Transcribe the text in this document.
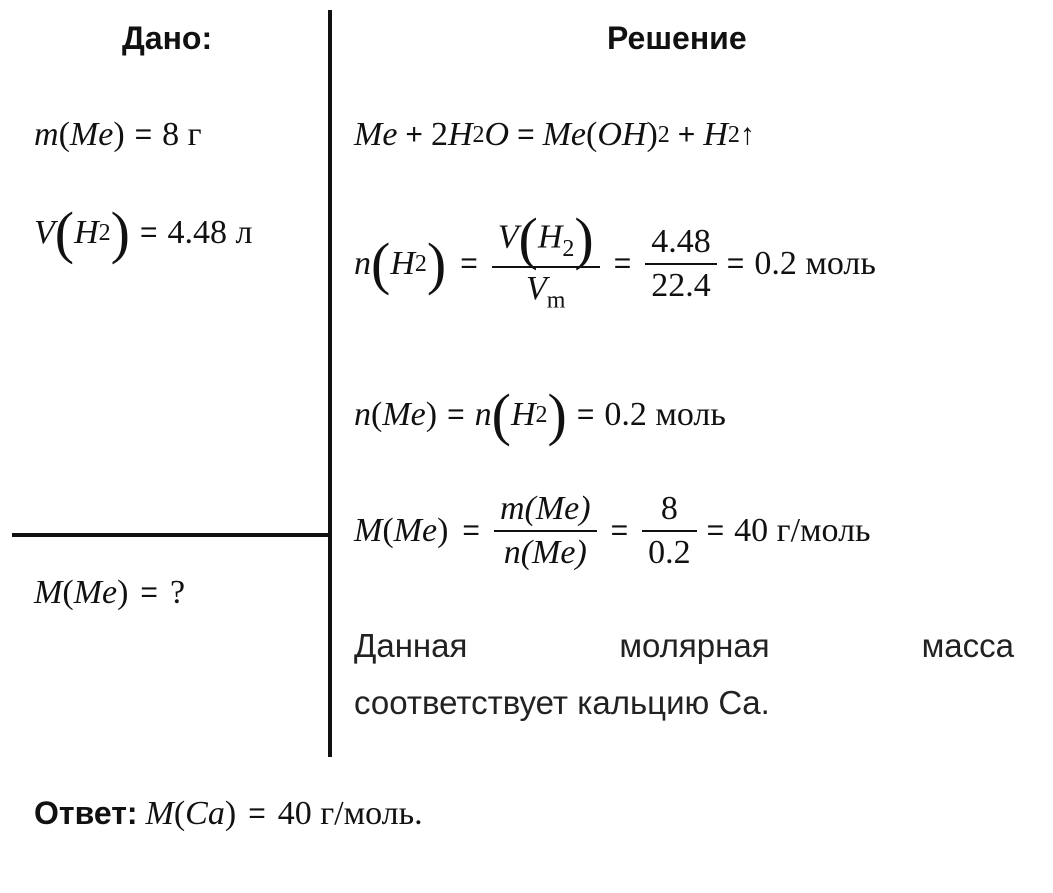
Дано:	Решение
m ( Me ) = 8 г
V ( H 2 ) = 4.48 л
M ( Me ) = ?
Me + 2 H 2 O = Me ( OH ) 2 + H 2 ↑
n ( H 2 ) = $\frac{V(H_2)}{V_m} = \frac{4.48}{22.4} = 0.2$ моль
n ( Me ) = n ( H 2 ) = 0.2 моль
M ( Me ) = $\frac{m(Me)}{n(Me)} = \frac{8}{0.2} = 40$ г/моль
Данная	молярная	масса
соответствует кальцию Ca.
Ответ: M ( Ca ) = 40 г/моль.
